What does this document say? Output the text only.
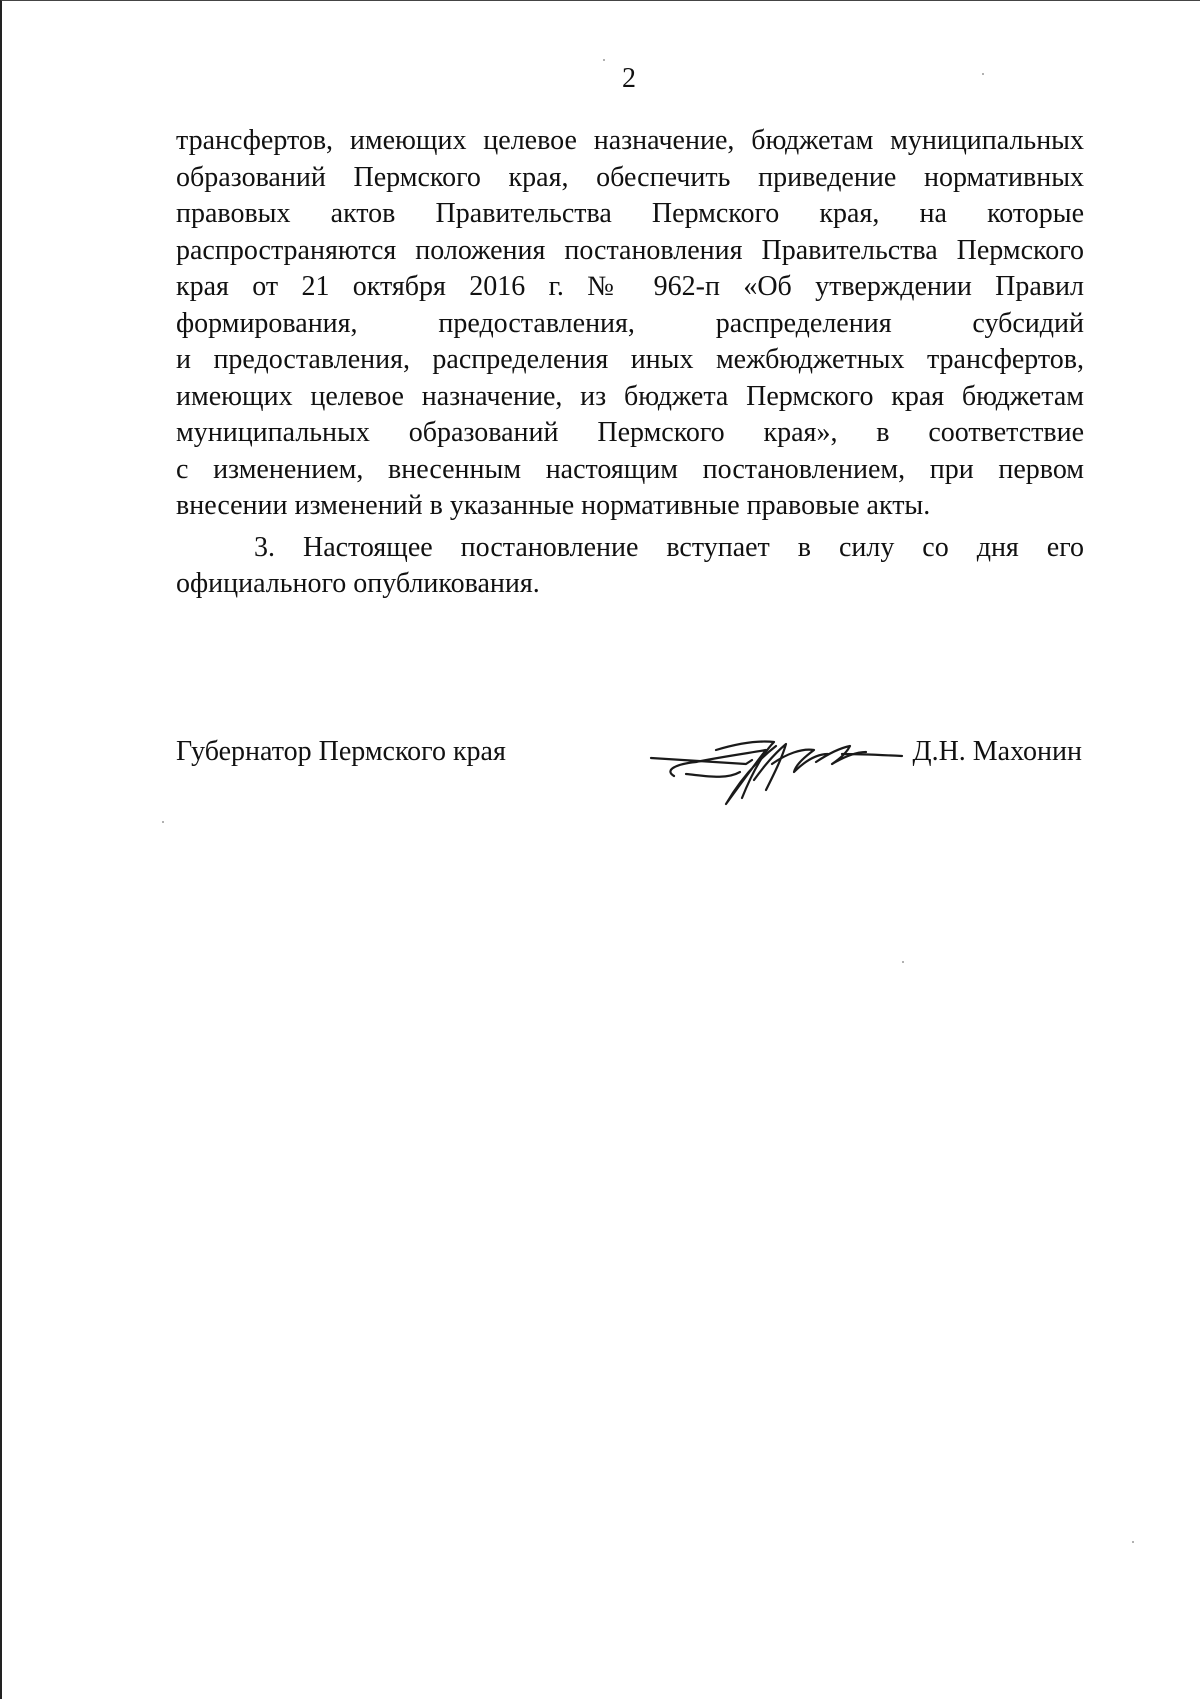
2
трансфертов, имеющих целевое назначение, бюджетам муниципальных
образований Пермского края, обеспечить приведение нормативных
правовых актов Правительства Пермского края, на которые
распространяются положения постановления Правительства Пермского
края от 21 октября 2016 г. № 962-п «Об утверждении Правил
формирования, предоставления, распределения субсидий
и предоставления, распределения иных межбюджетных трансфертов,
имеющих целевое назначение, из бюджета Пермского края бюджетам
муниципальных образований Пермского края», в соответствие
с изменением, внесенным настоящим постановлением, при первом
внесении изменений в указанные нормативные правовые акты.
3. Настоящее постановление вступает в силу со дня его
официального опубликования.
Губернатор Пермского края	Д.Н. Махонин
